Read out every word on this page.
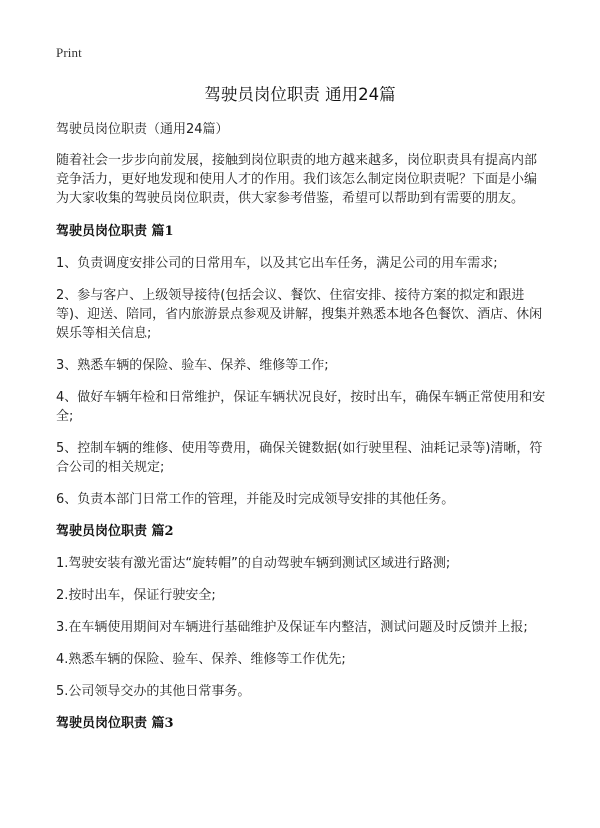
Print
驾驶员岗位职责 通用24篇

驾驶员岗位职责（通用24篇）

随着社会一步步向前发展，接触到岗位职责的地方越来越多，岗位职责具有提高内部竞争活力，更好地发现和使用人才的作用。我们该怎么制定岗位职责呢？下面是小编为大家收集的驾驶员岗位职责，供大家参考借鉴，希望可以帮助到有需要的朋友。

驾驶员岗位职责 篇1

1、负责调度安排公司的日常用车，以及其它出车任务，满足公司的用车需求;

2、参与客户、上级领导接待(包括会议、餐饮、住宿安排、接待方案的拟定和跟进等)、迎送、陪同，省内旅游景点参观及讲解，搜集并熟悉本地各色餐饮、酒店、休闲娱乐等相关信息;

3、熟悉车辆的保险、验车、保养、维修等工作;

4、做好车辆年检和日常维护，保证车辆状况良好，按时出车，确保车辆正常使用和安全;

5、控制车辆的维修、使用等费用，确保关键数据(如行驶里程、油耗记录等)清晰，符合公司的相关规定;

6、负责本部门日常工作的管理，并能及时完成领导安排的其他任务。

驾驶员岗位职责 篇2

1.驾驶安装有激光雷达“旋转帽”的自动驾驶车辆到测试区域进行路测;

2.按时出车，保证行驶安全;

3.在车辆使用期间对车辆进行基础维护及保证车内整洁，测试问题及时反馈并上报;

4.熟悉车辆的保险、验车、保养、维修等工作优先;

5.公司领导交办的其他日常事务。

驾驶员岗位职责 篇3
